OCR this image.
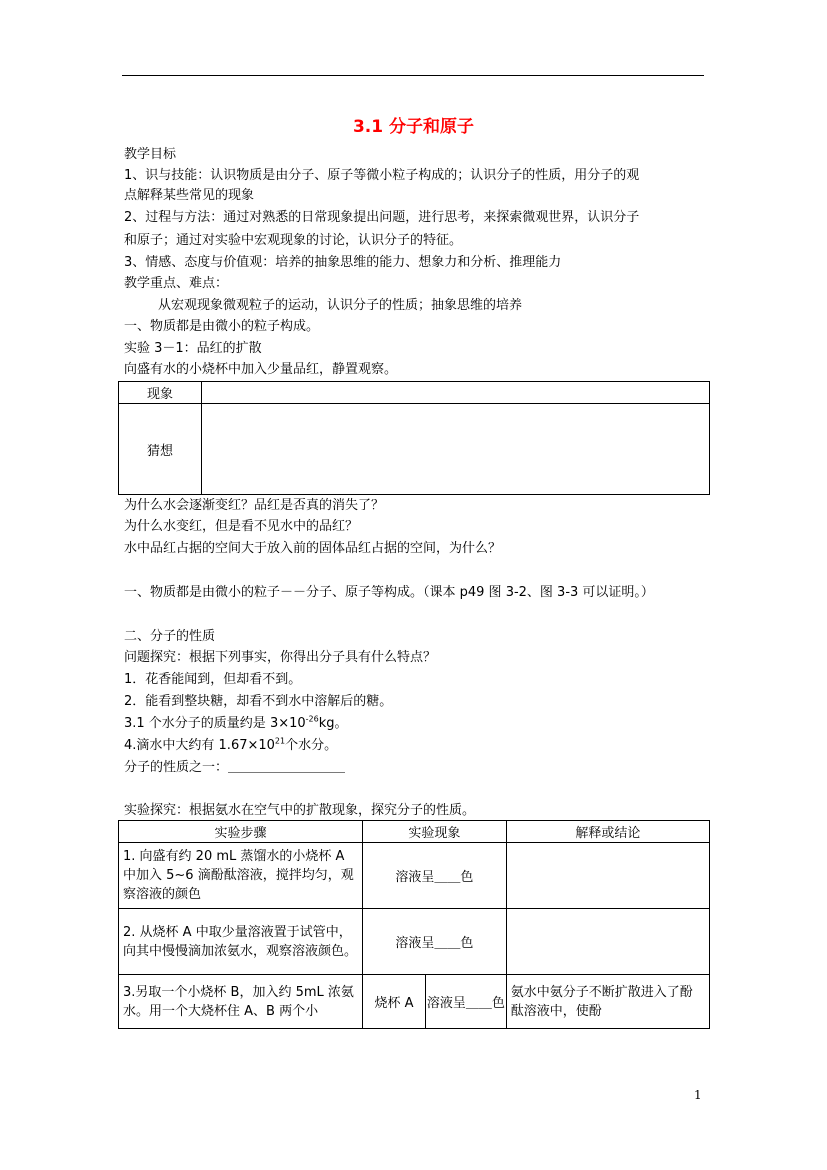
3.1 分子和原子
教学目标
1、识与技能：认识物质是由分子、原子等微小粒子构成的；认识分子的性质，用分子的观
点解释某些常见的现象
2、过程与方法：通过对熟悉的日常现象提出问题，进行思考，来探索微观世界，认识分子
和原子；通过对实验中宏观现象的讨论，认识分子的特征。
3、情感、态度与价值观：培养的抽象思维的能力、想象力和分析、推理能力
教学重点、难点：
从宏观现象微观粒子的运动，认识分子的性质；抽象思维的培养
一、物质都是由微小的粒子构成。
实验 3－1：品红的扩散
向盛有水的小烧杯中加入少量品红，静置观察。
现象	
猜想	
为什么水会逐渐变红？品红是否真的消失了？
为什么水变红，但是看不见水中的品红？
水中品红占据的空间大于放入前的固体品红占据的空间，为什么？
一、物质都是由微小的粒子－－分子、原子等构成。（课本 p49 图 3-2、图 3-3 可以证明。）
二、分子的性质
问题探究：根据下列事实，你得出分子具有什么特点？
1．花香能闻到，但却看不到。
2．能看到整块糖，却看不到水中溶解后的糖。
3.1 个水分子的质量约是 $3\times 10^{-26}kg$。
4.滴水中大约有 $1.67\times 10^{21}$个水分。
分子的性质之一：＿＿＿＿＿＿＿＿＿
实验探究：根据氨水在空气中的扩散现象，探究分子的性质。
实验步骤	实验现象		解释或结论
1. 向盛有约 20 mL 蒸馏水的小烧杯 A 中加入 5~6 滴酚酞溶液，搅拌均匀，观察溶液的颜色	溶液呈＿＿色		
2. 从烧杯 A 中取少量溶液置于试管中，向其中慢慢滴加浓氨水，观察溶液颜色。	溶液呈＿＿色		
3.另取一个小烧杯 B，加入约 5mL 浓氨水。用一个大烧杯住 A、B 两个小	烧杯 A	溶液呈＿＿色	氨水中氨分子不断扩散进入了酚酞溶液中，使酚
1
